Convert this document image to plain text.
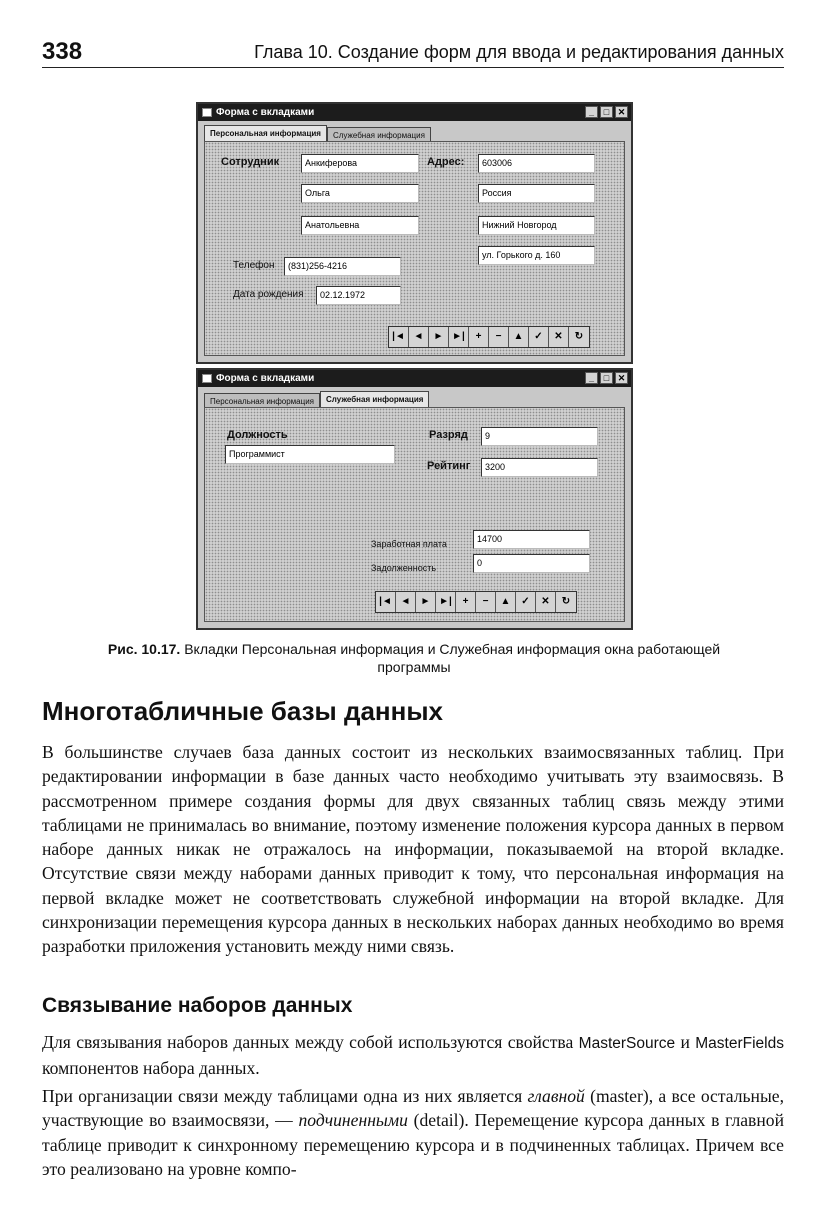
338	Глава 10. Создание форм для ввода и редактирования данных
Форма с вкладками	_	□ ✕
Персональная информация	Служебная информация
Сотрудник	Анкиферова
Ольга
Анатольевна
Адрес:	603006
Россия
Нижний Новгород
ул. Горького д. 160
Телефон	(831)256-4216
Дата рождения	02.12.1972
|◄ ◄	► ►|	+	−	▲	✓	✕	↻
Форма с вкладками	_	□ ✕
Персональная информация	Служебная информация
Должность
Программист
Разряд	9
Рейтинг	3200
Заработная плата	14700
Задолженность	0
|◄ ◄	► ►|	+	−	▲	✓	✕	↻
Рис. 10.17. Вкладки Персональная информация и Служебная информация окна работающей программы
Многотабличные базы данных

В большинстве случаев база данных состоит из нескольких взаимосвязанных таблиц. При редактировании информации в базе данных часто необходимо учитывать эту взаимосвязь. В рассмотренном примере создания формы для двух связанных таблиц связь между этими таблицами не принималась во внимание, поэтому изменение положения курсора данных в первом наборе данных никак не отражалось на информации, показываемой на второй вкладке. Отсутствие связи между наборами данных приводит к тому, что персональная информация на первой вкладке может не соответствовать служебной информации на второй вкладке. Для синхронизации перемещения курсора данных в нескольких наборах данных необходимо во время разработки приложения установить между ними связь.

Связывание наборов данных

Для связывания наборов данных между собой используются свойства MasterSource и MasterFields компонентов набора данных.

При организации связи между таблицами одна из них является главной (master), а все остальные, участвующие во взаимосвязи, — подчиненными (detail). Перемещение курсора данных в главной таблице приводит к синхронному перемещению курсора и в подчиненных таблицах. Причем все это реализовано на уровне компо-
